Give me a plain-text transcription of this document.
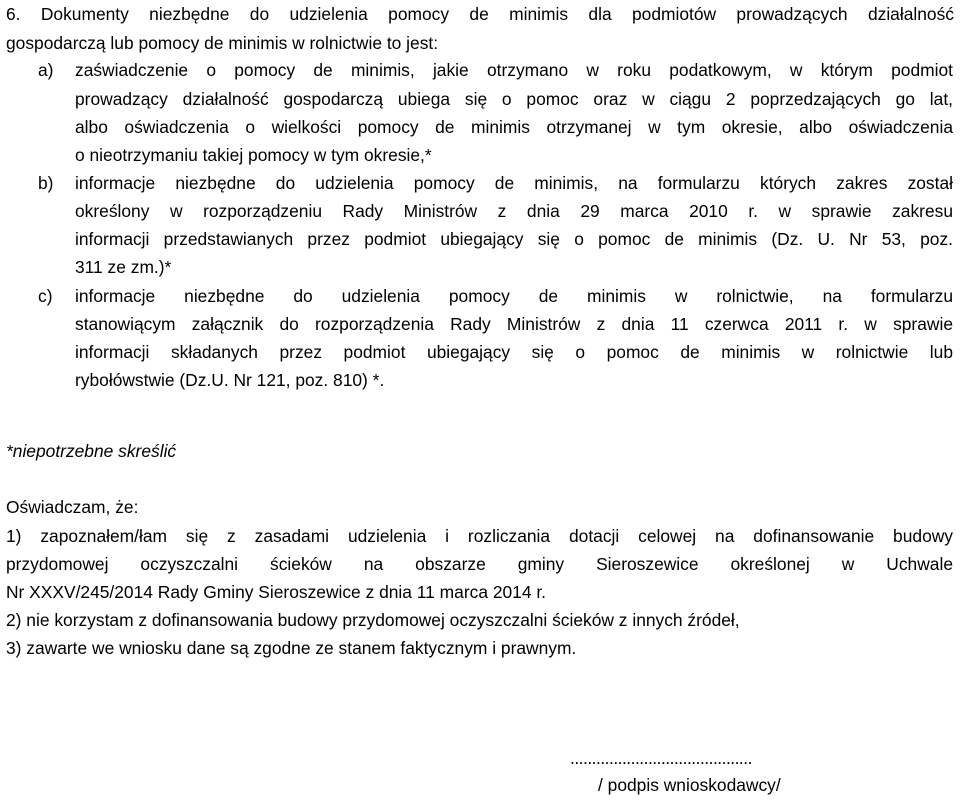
6. Dokumenty niezbędne do udzielenia pomocy de minimis dla podmiotów prowadzących działalność
gospodarczą lub pomocy de minimis w rolnictwie to jest:
a) zaświadczenie o pomocy de minimis, jakie otrzymano w roku podatkowym, w którym podmiot
prowadzący działalność gospodarczą ubiega się o pomoc oraz w ciągu 2 poprzedzających go lat,
albo oświadczenia o wielkości pomocy de minimis otrzymanej w tym okresie, albo oświadczenia
o nieotrzymaniu takiej pomocy w tym okresie,*
b) informacje niezbędne do udzielenia pomocy de minimis, na formularzu których zakres został
określony w rozporządzeniu Rady Ministrów z dnia 29 marca 2010 r. w sprawie zakresu
informacji przedstawianych przez podmiot ubiegający się o pomoc de minimis (Dz. U. Nr 53, poz.
311 ze zm.)*
c) informacje niezbędne do udzielenia pomocy de minimis w rolnictwie, na formularzu
stanowiącym załącznik do rozporządzenia Rady Ministrów z dnia 11 czerwca 2011 r. w sprawie
informacji składanych przez podmiot ubiegający się o pomoc de minimis w rolnictwie lub
rybołówstwie (Dz.U. Nr 121, poz. 810) *.
*niepotrzebne skreślić
Oświadczam, że:
1) zapoznałem/łam się z zasadami udzielenia i rozliczania dotacji celowej na dofinansowanie budowy
przydomowej oczyszczalni ścieków na obszarze gminy Sieroszewice określonej w Uchwale
Nr XXXV/245/2014 Rady Gminy Sieroszewice z dnia 11 marca 2014 r.
2) nie korzystam z dofinansowania budowy przydomowej oczyszczalni ścieków z innych źródeł,
3) zawarte we wniosku dane są zgodne ze stanem faktycznym i prawnym.
..........................................
/ podpis wnioskodawcy/
